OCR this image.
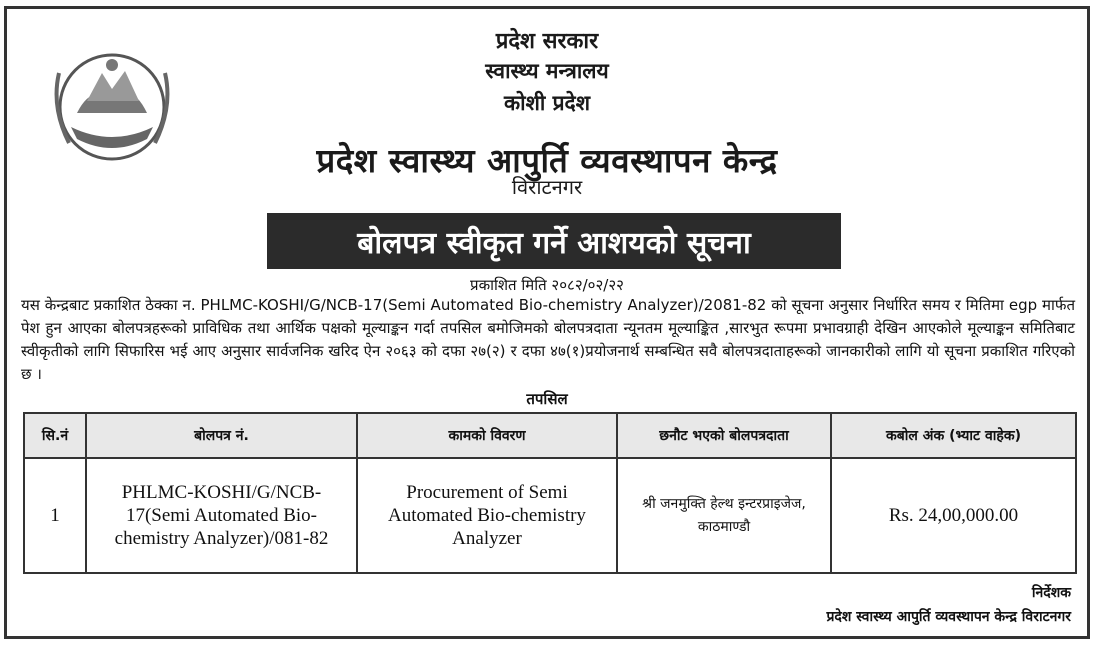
प्रदेश सरकार
स्वास्थ्य मन्त्रालय
कोशी प्रदेश
प्रदेश स्वास्थ्य आपुर्ति व्यवस्थापन केन्द्र
विराटनगर
बोलपत्र स्वीकृत गर्ने आशयको सूचना
प्रकाशित मिति २०८२/०२/२२
यस केन्द्रबाट प्रकाशित ठेक्का न. PHLMC-KOSHI/G/NCB-17(Semi Automated Bio-chemistry Analyzer)/2081-82 को सूचना अनुसार निर्धारित समय र मितिमा egp मार्फत पेश हुन आएका बोलपत्रहरूको प्राविधिक तथा आर्थिक पक्षको मूल्याङ्कन गर्दा तपसिल बमोजिमको बोलपत्रदाता न्यूनतम मूल्याङ्कित ,सारभुत रूपमा प्रभावग्राही देखिन आएकोले मूल्याङ्कन समितिबाट स्वीकृतीको लागि सिफारिस भई आए अनुसार सार्वजनिक खरिद ऐन २०६३ को दफा २७(२) र दफा ४७(१)प्रयोजनार्थ सम्बन्धित सवै बोलपत्रदाताहरूको जानकारीको लागि यो सूचना प्रकाशित गरिएको छ ।
तपसिल
सि.नं	बोलपत्र नं.	कामको विवरण	छनौट भएको बोलपत्रदाता	कबोल अंक (भ्याट वाहेक)
1	PHLMC-KOSHI/G/NCB-17(Semi Automated Bio-chemistry Analyzer)/081-82	Procurement of Semi Automated Bio-chemistry Analyzer	श्री जनमुक्ति हेल्थ इन्टरप्राइजेज, काठमाण्डौ	Rs. 24,00,000.00
निर्देशक
प्रदेश स्वास्थ्य आपुर्ति व्यवस्थापन केन्द्र विराटनगर
